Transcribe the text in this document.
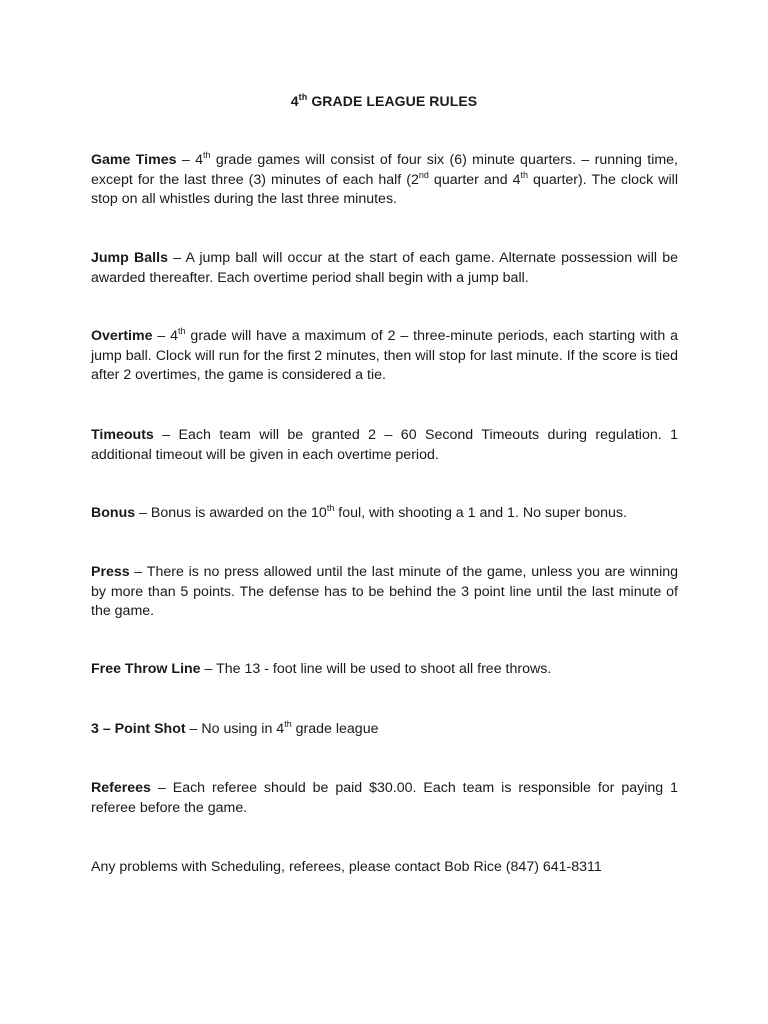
4th GRADE LEAGUE RULES
Game Times – 4th grade games will consist of four six (6) minute quarters. – running time, except for the last three (3) minutes of each half (2nd quarter and 4th quarter). The clock will stop on all whistles during the last three minutes.
Jump Balls – A jump ball will occur at the start of each game. Alternate possession will be awarded thereafter. Each overtime period shall begin with a jump ball.
Overtime – 4th grade will have a maximum of 2 – three-minute periods, each starting with a jump ball. Clock will run for the first 2 minutes, then will stop for last minute. If the score is tied after 2 overtimes, the game is considered a tie.
Timeouts – Each team will be granted 2 – 60 Second Timeouts during regulation. 1 additional timeout will be given in each overtime period.
Bonus – Bonus is awarded on the 10th foul, with shooting a 1 and 1. No super bonus.
Press – There is no press allowed until the last minute of the game, unless you are winning by more than 5 points. The defense has to be behind the 3 point line until the last minute of the game.
Free Throw Line – The 13 - foot line will be used to shoot all free throws.
3 – Point Shot – No using in 4th grade league
Referees – Each referee should be paid $30.00. Each team is responsible for paying 1 referee before the game.
Any problems with Scheduling, referees, please contact Bob Rice (847) 641-8311
